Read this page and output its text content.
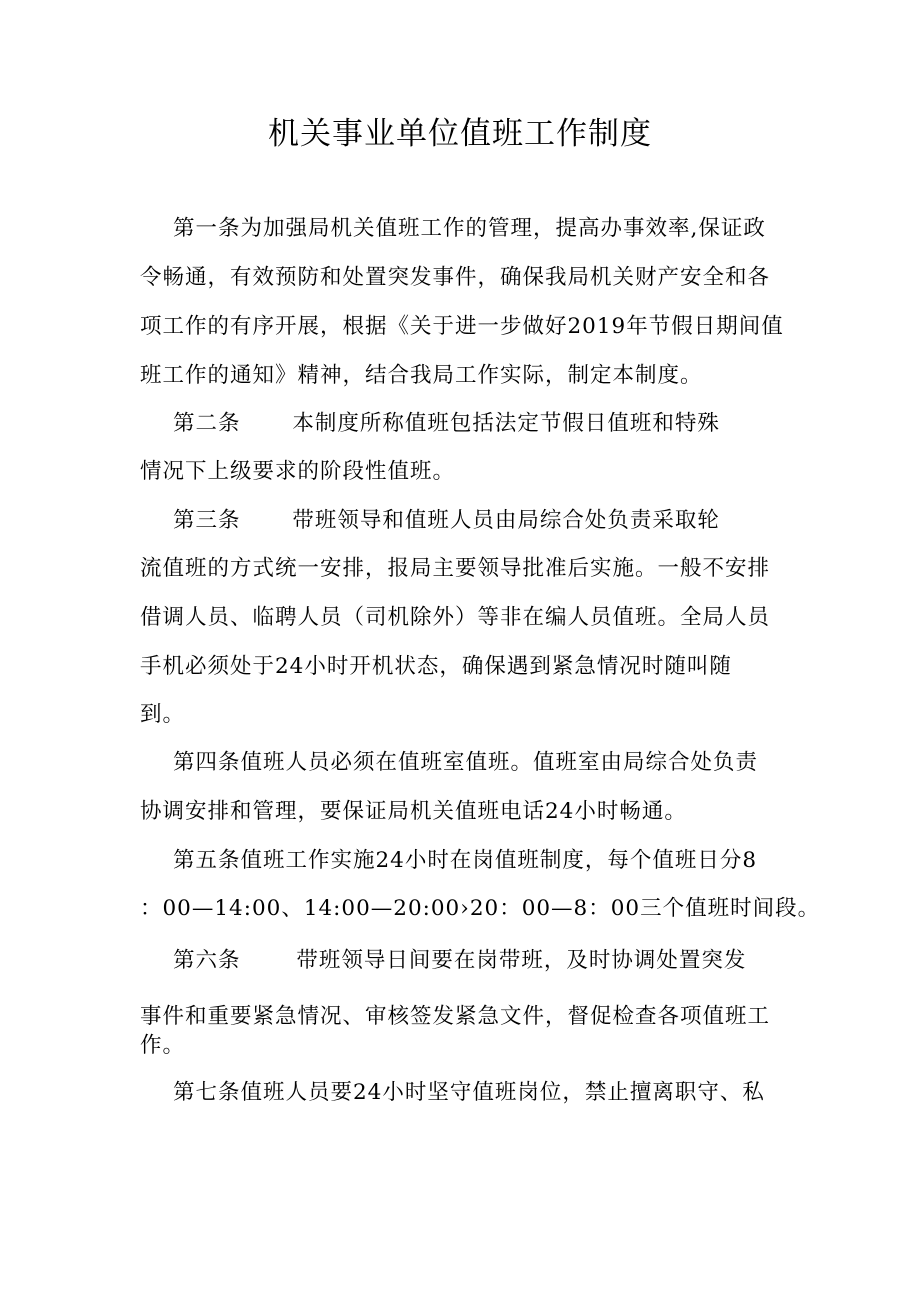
机关事业单位值班工作制度

第一条为加强局机关值班工作的管理，提高办事效率,保证政

令畅通，有效预防和处置突发事件，确保我局机关财产安全和各

项工作的有序开展，根据《关于进一步做好2019年节假日期间值

班工作的通知》精神，结合我局工作实际，制定本制度。

第二条 本制度所称值班包括法定节假日值班和特殊

情况下上级要求的阶段性值班。

第三条 带班领导和值班人员由局综合处负责采取轮

流值班的方式统一安排，报局主要领导批准后实施。一般不安排

借调人员、临聘人员（司机除外）等非在编人员值班。全局人员

手机必须处于24小时开机状态，确保遇到紧急情况时随叫随

到。

第四条值班人员必须在值班室值班。值班室由局综合处负责

协调安排和管理，要保证局机关值班电话24小时畅通。

第五条值班工作实施24小时在岗值班制度，每个值班日分8

：00—14:00、14:00—20:00›20：00—8：00三个值班时间段。

第六条	带班领导日间要在岗带班，及时协调处置突发

事件和重要紧急情况、审核签发紧急文件，督促检查各项值班工

作。

第七条值班人员要24小时坚守值班岗位，禁止擅离职守、私
